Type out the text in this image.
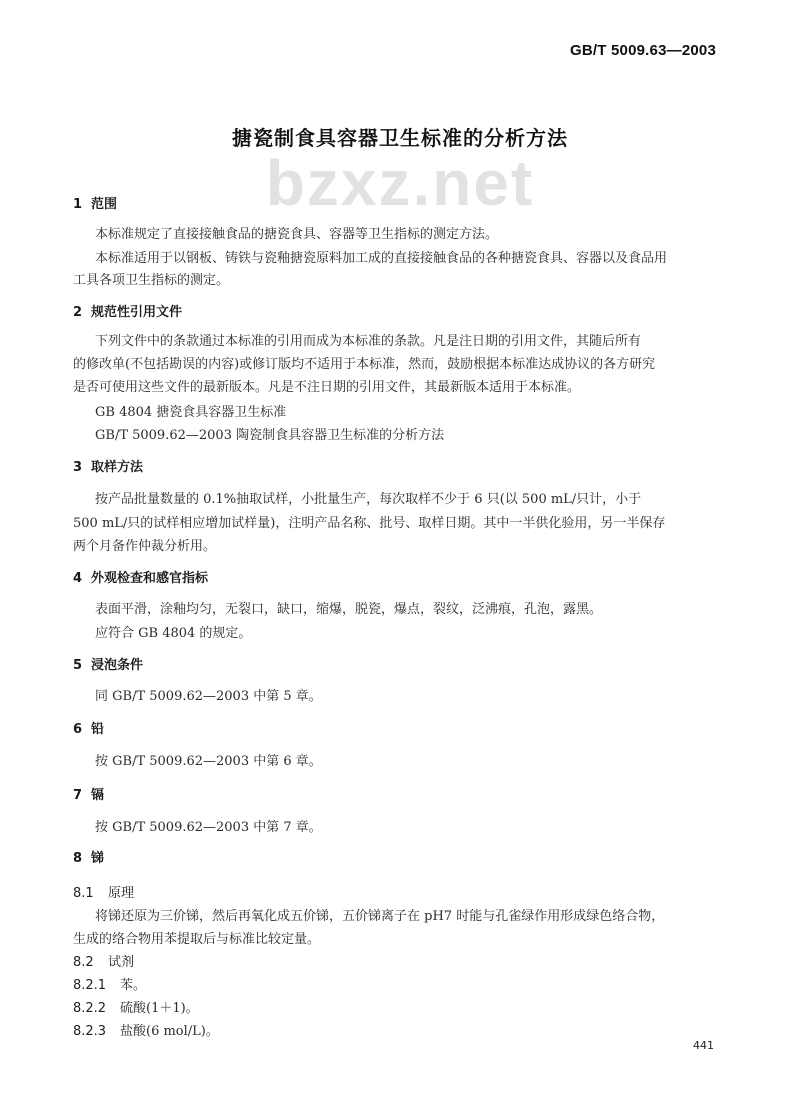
GB/T 5009.63—2003
bzxz.net
搪瓷制食具容器卫生标准的分析方法
1 范围
本标准规定了直接接触食品的搪瓷食具、容器等卫生指标的测定方法。
本标准适用于以钢板、铸铁与瓷釉搪瓷原料加工成的直接接触食品的各种搪瓷食具、容器以及食品用
工具各项卫生指标的测定。
2 规范性引用文件
下列文件中的条款通过本标准的引用而成为本标准的条款。凡是注日期的引用文件，其随后所有
的修改单(不包括勘误的内容)或修订版均不适用于本标准，然而，鼓励根据本标准达成协议的各方研究
是否可使用这些文件的最新版本。凡是不注日期的引用文件，其最新版本适用于本标准。
GB 4804 搪瓷食具容器卫生标准
GB/T 5009.62—2003 陶瓷制食具容器卫生标准的分析方法
3 取样方法
按产品批量数量的 0.1%抽取试样，小批量生产，每次取样不少于 6 只(以 500 mL/只计，小于
500 mL/只的试样相应增加试样量)，注明产品名称、批号、取样日期。其中一半供化验用，另一半保存
两个月备作仲裁分析用。
4 外观检查和感官指标
表面平滑，涂釉均匀，无裂口，缺口，缩爆，脱瓷，爆点，裂纹，泛沸痕，孔泡，露黑。
应符合 GB 4804 的规定。
5 浸泡条件
同 GB/T 5009.62—2003 中第 5 章。
6 铅
按 GB/T 5009.62—2003 中第 6 章。
7 镉
按 GB/T 5009.62—2003 中第 7 章。
8 锑
8.1 原理
将锑还原为三价锑，然后再氧化成五价锑，五价锑离子在 pH7 时能与孔雀绿作用形成绿色络合物，
生成的络合物用苯提取后与标准比较定量。
8.2 试剂
8.2.1 苯。
8.2.2 硫酸(1＋1)。
8.2.3 盐酸(6 mol/L)。
441
